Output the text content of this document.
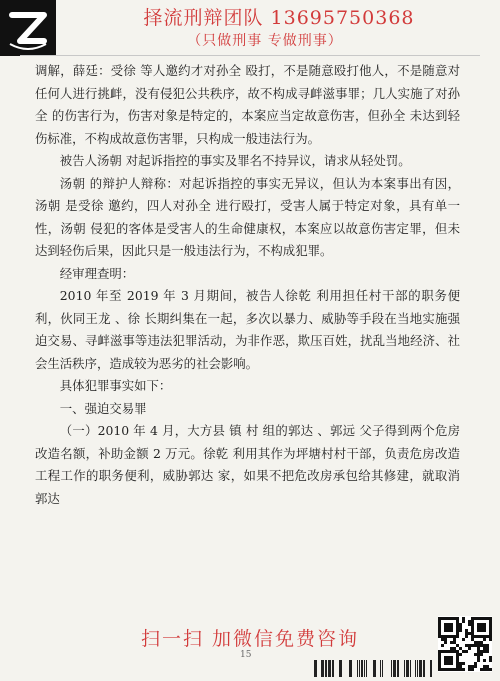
择流刑辩团队 13695750368
（只做刑事 专做刑事）

调解，薛廷：受徐 等人邀约才对孙全 殴打，不是随意殴打他人，不是随意对任何人进行挑衅，没有侵犯公共秩序，故不构成寻衅滋事罪；几人实施了对孙全 的伤害行为，伤害对象是特定的，本案应当定故意伤害，但孙全 未达到轻伤标准，不构成故意伤害罪，只构成一般违法行为。

被告人汤朝 对起诉指控的事实及罪名不持异议，请求从轻处罚。

汤朝 的辩护人辩称：对起诉指控的事实无异议，但认为本案事出有因，汤朝 是受徐 邀约，四人对孙全 进行殴打，受害人属于特定对象，具有单一性，汤朝 侵犯的客体是受害人的生命健康权，本案应以故意伤害定罪，但未达到轻伤后果，因此只是一般违法行为，不构成犯罪。

经审理查明：

2010 年至 2019 年 3 月期间，被告人徐乾 利用担任村干部的职务便利，伙同王龙 、徐 长期纠集在一起，多次以暴力、威胁等手段在当地实施强迫交易、寻衅滋事等违法犯罪活动，为非作恶，欺压百姓，扰乱当地经济、社会生活秩序，造成较为恶劣的社会影响。

具体犯罪事实如下：

一、强迫交易罪

（一）2010 年 4 月，大方县 镇 村 组的郭达 、郭远 父子得到两个危房改造名额，补助金额 2 万元。徐乾 利用其作为坪塘村村干部，负责危房改造工程工作的职务便利，威胁郭达 家，如果不把危改房承包给其修建，就取消郭达

扫一扫 加微信免费咨询
15
